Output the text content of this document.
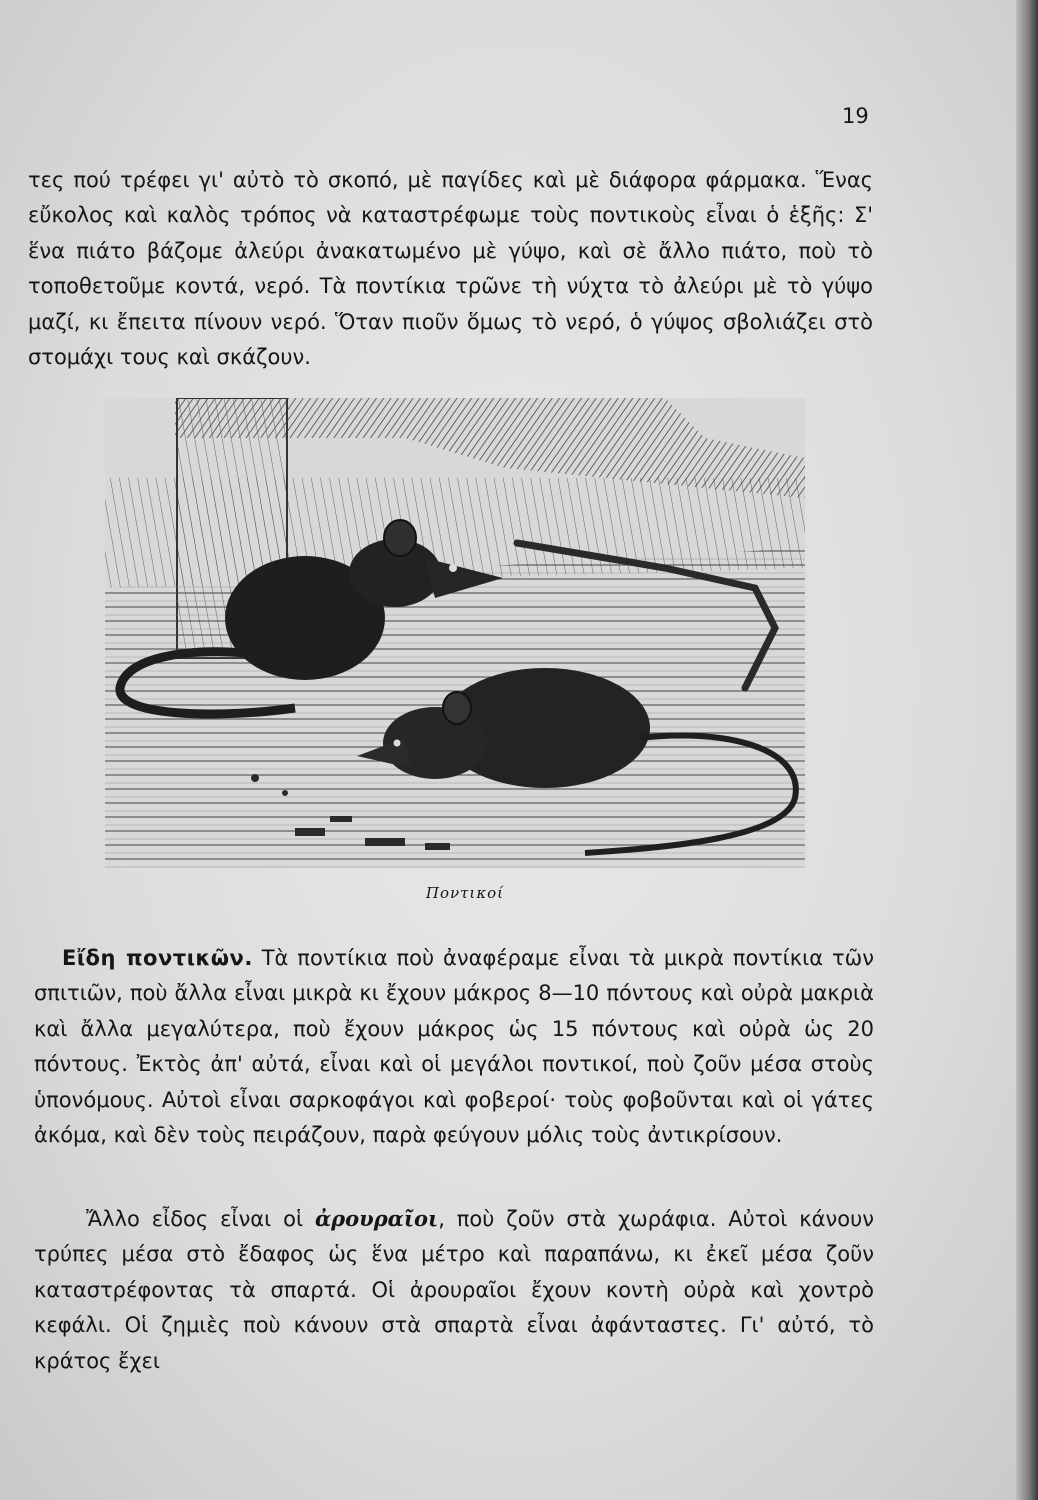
19

τες πού τρέφει γι' αὐτὸ τὸ σκοπό, μὲ παγίδες καὶ μὲ διάφορα φάρμακα. Ἕνας εὔκολος καὶ καλὸς τρόπος νὰ καταστρέφωμε τοὺς ποντικοὺς εἶναι ὁ ἑξῆς: Σ' ἕνα πιάτο βάζομε ἀλεύρι ἀνακατωμένο μὲ γύψο, καὶ σὲ ἄλλο πιάτο, ποὺ τὸ τοποθετοῦμε κοντά, νερό. Τὰ ποντίκια τρῶνε τὴ νύχτα τὸ ἀλεύρι μὲ τὸ γύψο μαζί, κι ἔπειτα πίνουν νερό. Ὅταν πιοῦν ὅμως τὸ νερό, ὁ γύψος σβολιάζει στὸ στομάχι τους καὶ σκάζουν.

Ποντικοί

Εἴδη ποντικῶν. Τὰ ποντίκια ποὺ ἀναφέραμε εἶναι τὰ μικρὰ ποντίκια τῶν σπιτιῶν, ποὺ ἄλλα εἶναι μικρὰ κι ἔχουν μάκρος 8—10 πόντους καὶ οὐρὰ μακριὰ καὶ ἄλλα μεγαλύτερα, ποὺ ἔχουν μάκρος ὡς 15 πόντους καὶ οὐρὰ ὡς 20 πόντους. Ἐκτὸς ἀπ' αὐτά, εἶναι καὶ οἱ μεγάλοι ποντικοί, ποὺ ζοῦν μέσα στοὺς ὑπονόμους. Αὐτοὶ εἶναι σαρκοφάγοι καὶ φοβεροί· τοὺς φοβοῦνται καὶ οἱ γάτες ἀκόμα, καὶ δὲν τοὺς πειράζουν, παρὰ φεύγουν μόλις τοὺς ἀντικρίσουν.

Ἄλλο εἶδος εἶναι οἱ ἀρουραῖοι, ποὺ ζοῦν στὰ χωράφια. Αὐτοὶ κάνουν τρύπες μέσα στὸ ἔδαφος ὡς ἕνα μέτρο καὶ παραπάνω, κι ἐκεῖ μέσα ζοῦν καταστρέφοντας τὰ σπαρτά. Οἱ ἀρουραῖοι ἔχουν κοντὴ οὐρὰ καὶ χοντρὸ κεφάλι. Οἱ ζημιὲς ποὺ κάνουν στὰ σπαρτὰ εἶναι ἀφάνταστες. Γι' αὐτό, τὸ κράτος ἔχει
